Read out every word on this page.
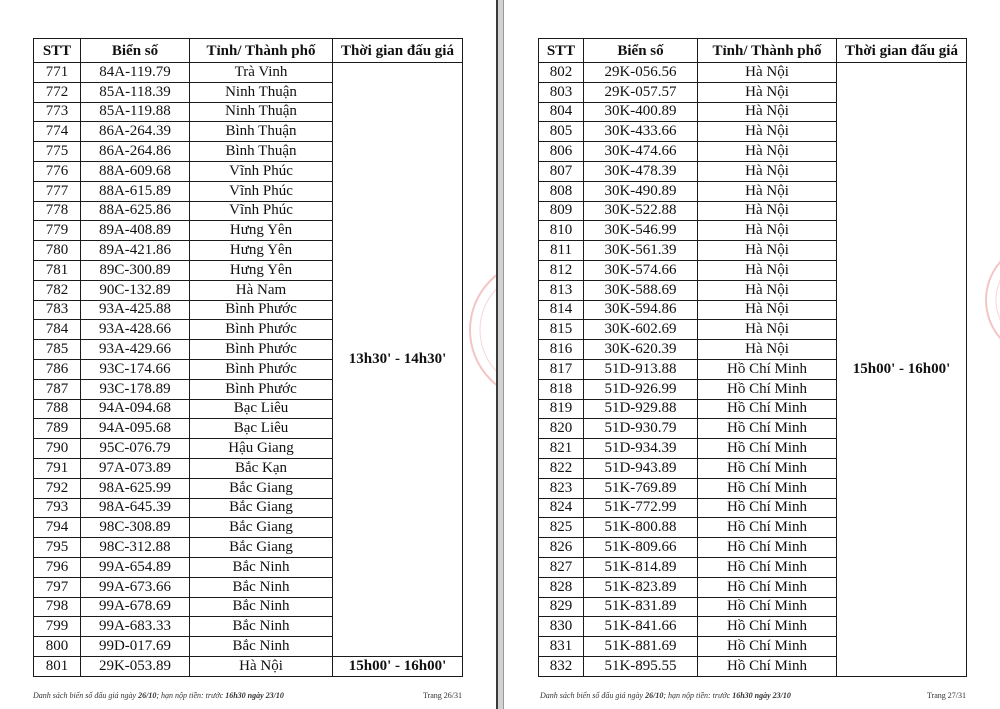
STT	Biển số	Tỉnh/ Thành phố	Thời gian đấu giá
771	84A-119.79	Trà Vinh	13h30' - 14h30'
772	85A-118.39	Ninh Thuận	
773	85A-119.88	Ninh Thuận	
774	86A-264.39	Bình Thuận	
775	86A-264.86	Bình Thuận	
776	88A-609.68	Vĩnh Phúc	
777	88A-615.89	Vĩnh Phúc	
778	88A-625.86	Vĩnh Phúc	
779	89A-408.89	Hưng Yên	
780	89A-421.86	Hưng Yên	
781	89C-300.89	Hưng Yên	
782	90C-132.89	Hà Nam	
783	93A-425.88	Bình Phước	
784	93A-428.66	Bình Phước	
785	93A-429.66	Bình Phước	
786	93C-174.66	Bình Phước	
787	93C-178.89	Bình Phước	
788	94A-094.68	Bạc Liêu	
789	94A-095.68	Bạc Liêu	
790	95C-076.79	Hậu Giang	
791	97A-073.89	Bắc Kạn	
792	98A-625.99	Bắc Giang	
793	98A-645.39	Bắc Giang	
794	98C-308.89	Bắc Giang	
795	98C-312.88	Bắc Giang	
796	99A-654.89	Bắc Ninh	
797	99A-673.66	Bắc Ninh	
798	99A-678.69	Bắc Ninh	
799	99A-683.33	Bắc Ninh	
800	99D-017.69	Bắc Ninh	
801	29K-053.89	Hà Nội	15h00' - 16h00'
Danh sách biển số đấu giá ngày 26/10; hạn nộp tiền: trước 16h30 ngày 23/10	Trang 26/31
STT	Biển số	Tỉnh/ Thành phố	Thời gian đấu giá
802	29K-056.56	Hà Nội	15h00' - 16h00'
803	29K-057.57	Hà Nội	
804	30K-400.89	Hà Nội	
805	30K-433.66	Hà Nội	
806	30K-474.66	Hà Nội	
807	30K-478.39	Hà Nội	
808	30K-490.89	Hà Nội	
809	30K-522.88	Hà Nội	
810	30K-546.99	Hà Nội	
811	30K-561.39	Hà Nội	
812	30K-574.66	Hà Nội	
813	30K-588.69	Hà Nội	
814	30K-594.86	Hà Nội	
815	30K-602.69	Hà Nội	
816	30K-620.39	Hà Nội	
817	51D-913.88	Hồ Chí Minh	
818	51D-926.99	Hồ Chí Minh	
819	51D-929.88	Hồ Chí Minh	
820	51D-930.79	Hồ Chí Minh	
821	51D-934.39	Hồ Chí Minh	
822	51D-943.89	Hồ Chí Minh	
823	51K-769.89	Hồ Chí Minh	
824	51K-772.99	Hồ Chí Minh	
825	51K-800.88	Hồ Chí Minh	
826	51K-809.66	Hồ Chí Minh	
827	51K-814.89	Hồ Chí Minh	
828	51K-823.89	Hồ Chí Minh	
829	51K-831.89	Hồ Chí Minh	
830	51K-841.66	Hồ Chí Minh	
831	51K-881.69	Hồ Chí Minh	
832	51K-895.55	Hồ Chí Minh	
Danh sách biển số đấu giá ngày 26/10; hạn nộp tiền: trước 16h30 ngày 23/10	Trang 27/31
